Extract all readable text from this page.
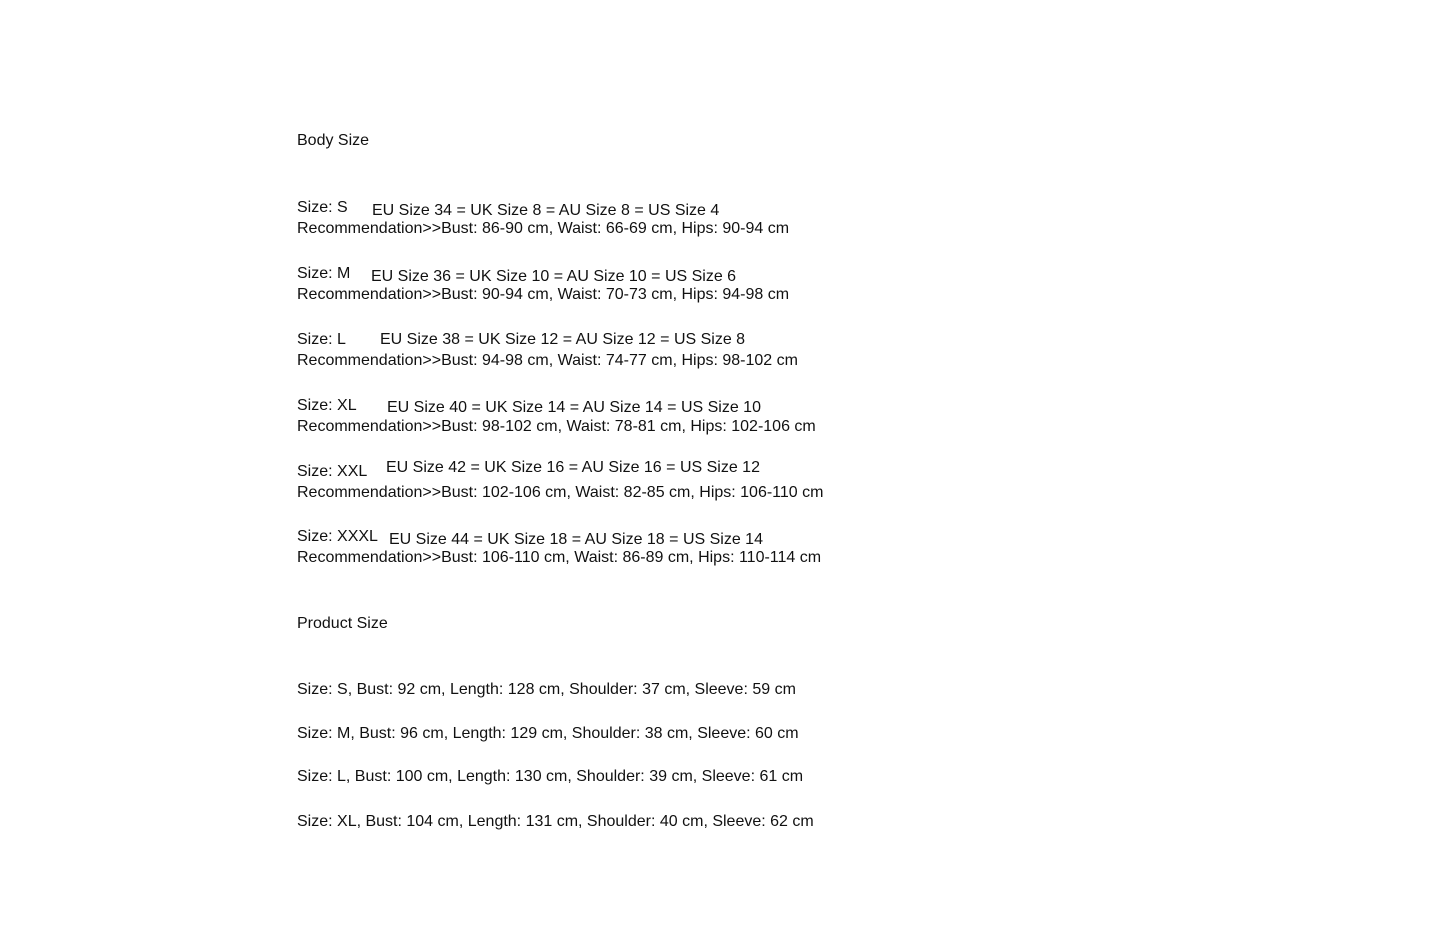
Body Size
Size: S EU Size 34 = UK Size 8 = AU Size 8 = US Size 4
Recommendation>>Bust: 86-90 cm, Waist: 66-69 cm, Hips: 90-94 cm
Size: M EU Size 36 = UK Size 10 = AU Size 10 = US Size 6
Recommendation>>Bust: 90-94 cm, Waist: 70-73 cm, Hips: 94-98 cm
Size: L EU Size 38 = UK Size 12 = AU Size 12 = US Size 8
Recommendation>>Bust: 94-98 cm, Waist: 74-77 cm, Hips: 98-102 cm
Size: XL EU Size 40 = UK Size 14 = AU Size 14 = US Size 10
Recommendation>>Bust: 98-102 cm, Waist: 78-81 cm, Hips: 102-106 cm
Size: XXL EU Size 42 = UK Size 16 = AU Size 16 = US Size 12
Recommendation>>Bust: 102-106 cm, Waist: 82-85 cm, Hips: 106-110 cm
Size: XXXL EU Size 44 = UK Size 18 = AU Size 18 = US Size 14
Recommendation>>Bust: 106-110 cm, Waist: 86-89 cm, Hips: 110-114 cm
Product Size
Size: S, Bust: 92 cm, Length: 128 cm, Shoulder: 37 cm, Sleeve: 59 cm
Size: M, Bust: 96 cm, Length: 129 cm, Shoulder: 38 cm, Sleeve: 60 cm
Size: L, Bust: 100 cm, Length: 130 cm, Shoulder: 39 cm, Sleeve: 61 cm
Size: XL, Bust: 104 cm, Length: 131 cm, Shoulder: 40 cm, Sleeve: 62 cm
